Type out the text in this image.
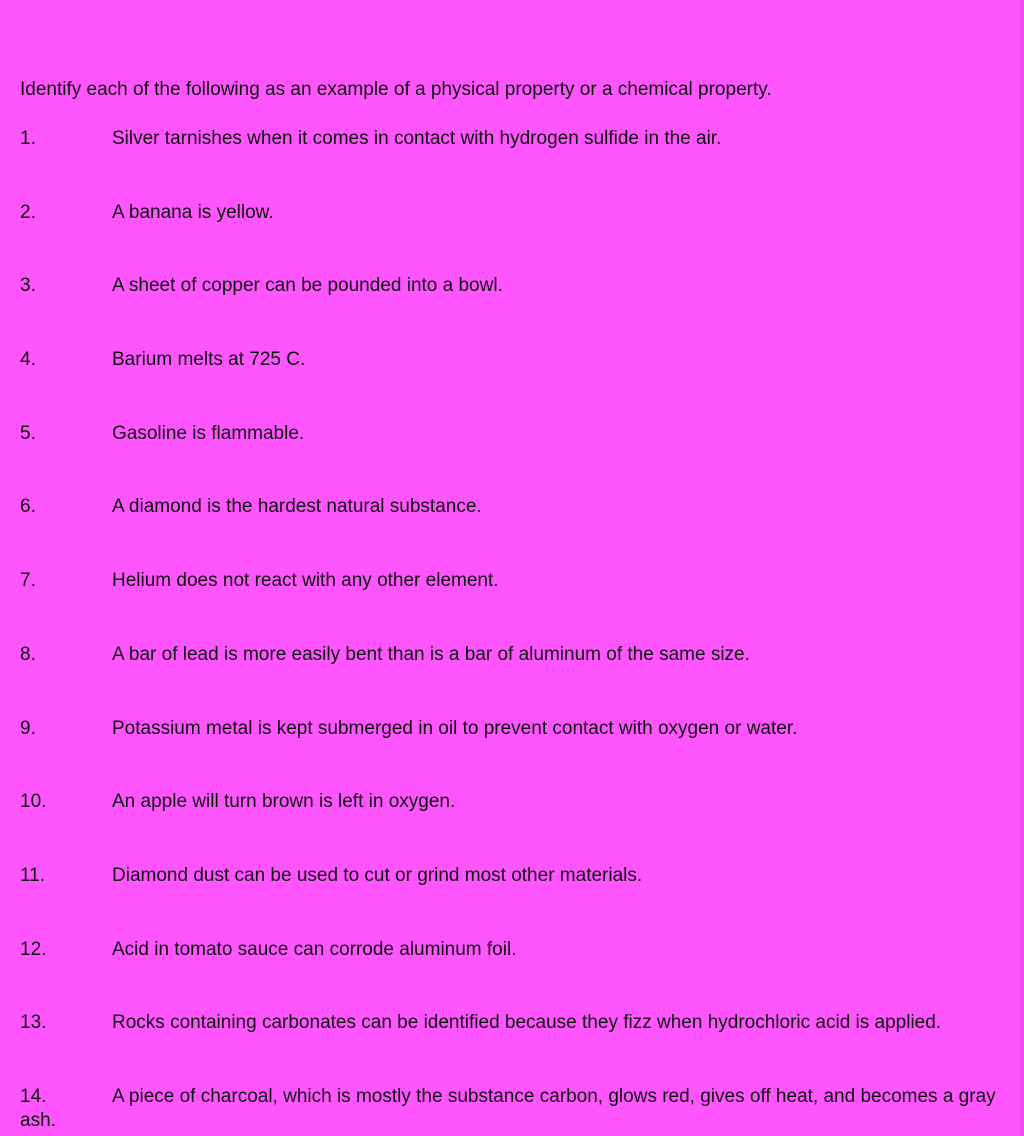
Identify each of the following as an example of a physical property or a chemical property.
1.	Silver tarnishes when it comes in contact with hydrogen sulfide in the air.
2.	A banana is yellow.
3.	A sheet of copper can be pounded into a bowl.
4.	Barium melts at 725 C.
5.	Gasoline is flammable.
6.	A diamond is the hardest natural substance.
7.	Helium does not react with any other element.
8.	A bar of lead is more easily bent than is a bar of aluminum of the same size.
9.	Potassium metal is kept submerged in oil to prevent contact with oxygen or water.
10.	An apple will turn brown is left in oxygen.
11.	Diamond dust can be used to cut or grind most other materials.
12.	Acid in tomato sauce can corrode aluminum foil.
13.	Rocks containing carbonates can be identified because they fizz when hydrochloric acid is applied.
14.	A piece of charcoal, which is mostly the substance carbon, glows red, gives off heat, and becomes a gray ash.
